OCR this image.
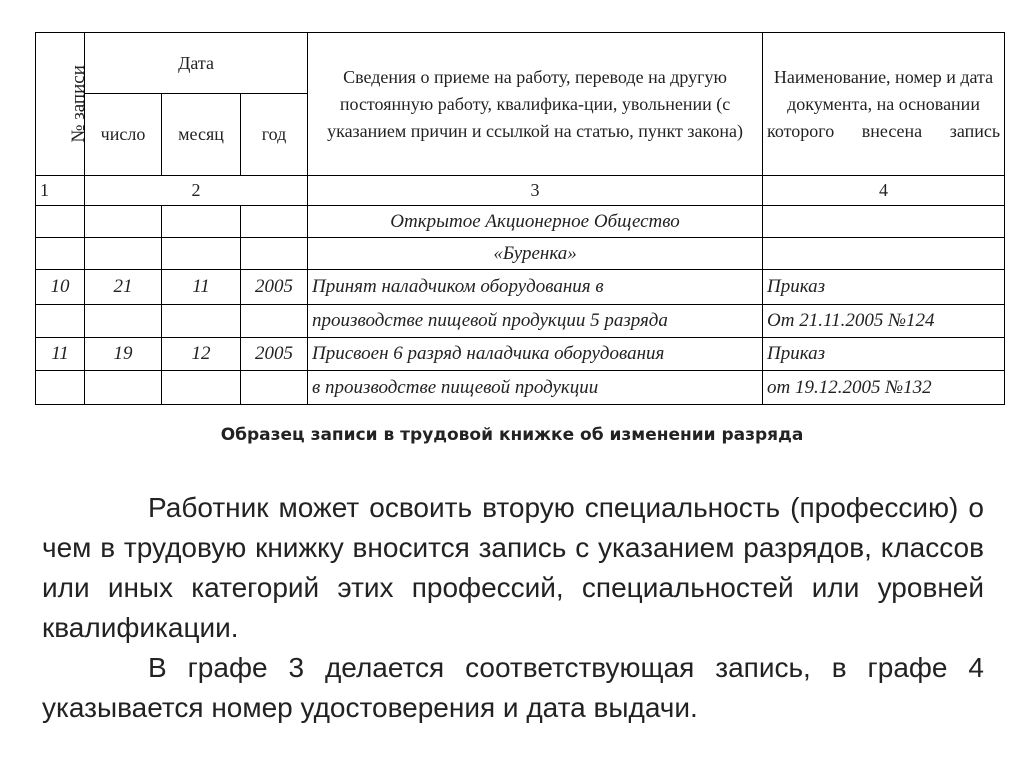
№ записи	Дата			Сведения о приеме на работу, переводе на другую постоянную работу, квалифика-ции, увольнении (с указанием причин и ссылкой на статью, пункт закона)	Наименование, номер и дата документа, на основании которого внесена запись
	число	месяц	год		
1	2			3	4
				Открытое Акционерное Общество	
				«Буренка»	
10	21	11	2005	Принят наладчиком оборудования в	Приказ
				производстве пищевой продукции 5 разряда	От 21.11.2005 №124
11	19	12	2005	Присвоен 6 разряд наладчика оборудования	Приказ
				в производстве пищевой продукции	от 19.12.2005 №132
Образец записи в трудовой книжке об изменении разряда

Работник может освоить вторую специальность (профессию) о чем в трудовую книжку вносится запись с указанием разрядов, классов или иных категорий этих профессий, специальностей или уровней квалификации.

В графе 3 делается соответствующая запись, в графе 4 указывается номер удостоверения и дата выдачи.
